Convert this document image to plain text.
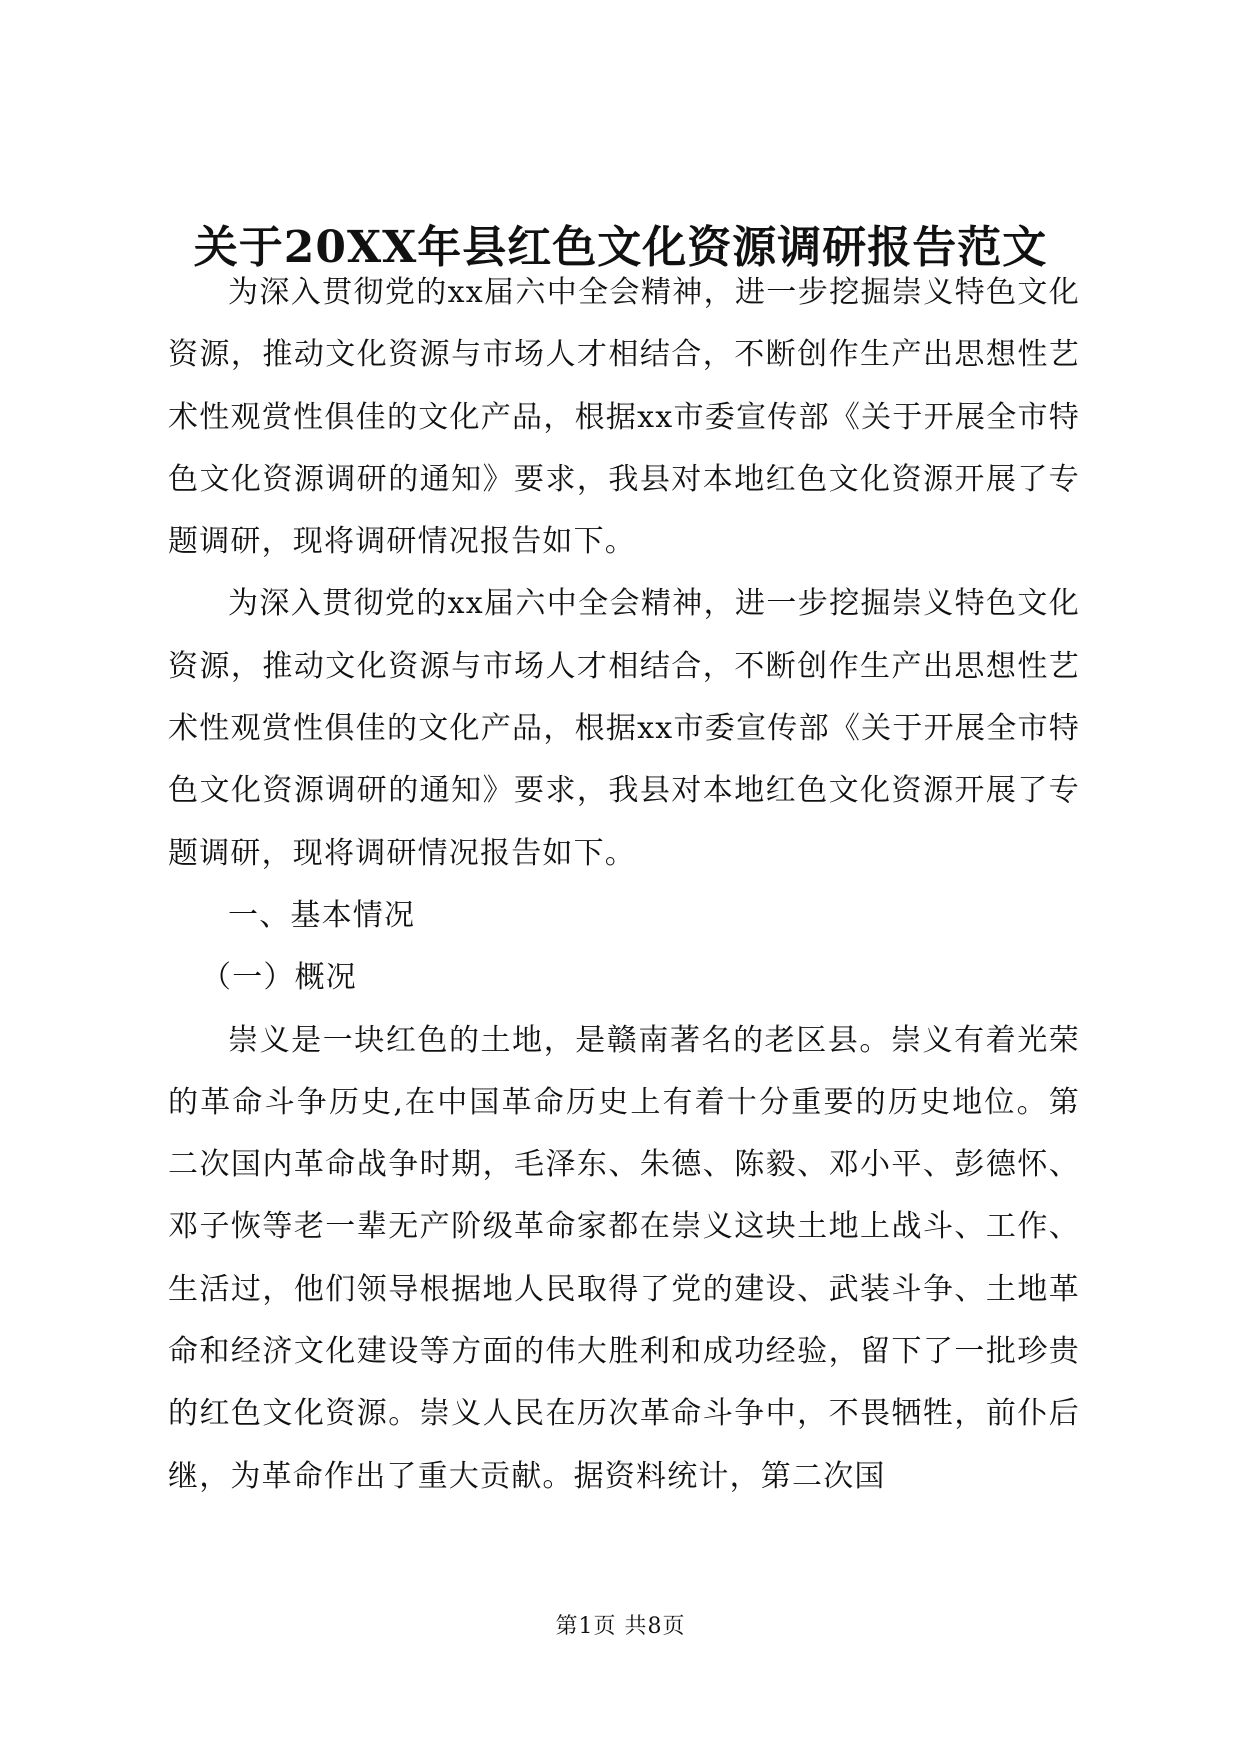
关于20XX年县红色文化资源调研报告范文

为深入贯彻党的xx届六中全会精神，进一步挖掘崇义特色文化资源，推动文化资源与市场人才相结合，不断创作生产出思想性艺术性观赏性俱佳的文化产品，根据xx市委宣传部《关于开展全市特色文化资源调研的通知》要求，我县对本地红色文化资源开展了专题调研，现将调研情况报告如下。

为深入贯彻党的xx届六中全会精神，进一步挖掘崇义特色文化资源，推动文化资源与市场人才相结合，不断创作生产出思想性艺术性观赏性俱佳的文化产品，根据xx市委宣传部《关于开展全市特色文化资源调研的通知》要求，我县对本地红色文化资源开展了专题调研，现将调研情况报告如下。

一、基本情况

（一）概况

崇义是一块红色的土地，是赣南著名的老区县。崇义有着光荣的革命斗争历史,在中国革命历史上有着十分重要的历史地位。第二次国内革命战争时期，毛泽东、朱德、陈毅、邓小平、彭德怀、邓子恢等老一辈无产阶级革命家都在崇义这块土地上战斗、工作、生活过，他们领导根据地人民取得了党的建设、武装斗争、土地革命和经济文化建设等方面的伟大胜利和成功经验，留下了一批珍贵的红色文化资源。崇义人民在历次革命斗争中，不畏牺牲，前仆后继，为革命作出了重大贡献。据资料统计，第二次国

第1页 共8页
